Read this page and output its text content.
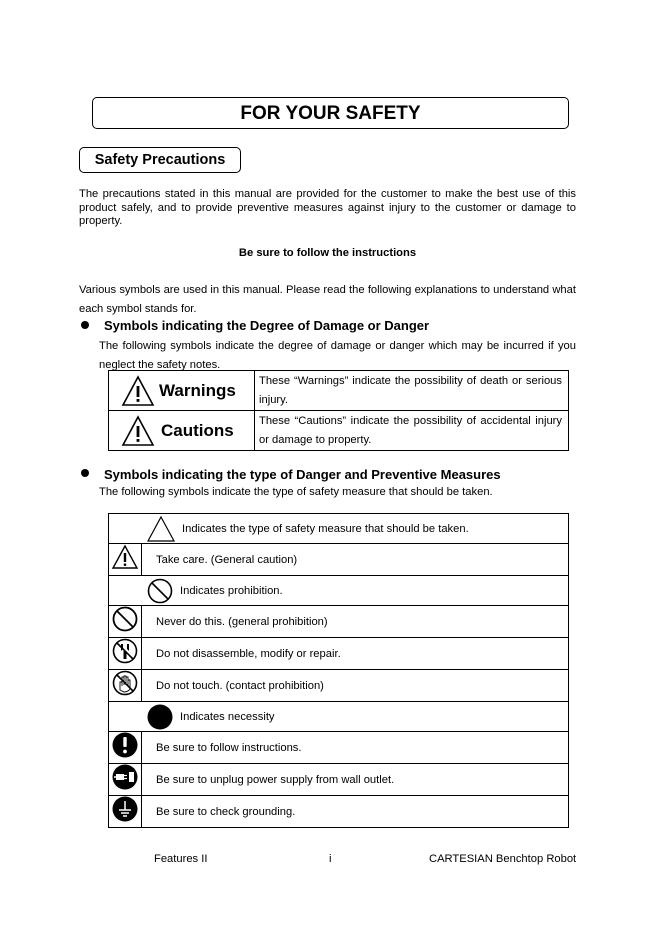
FOR YOUR SAFETY
Safety Precautions
The precautions stated in this manual are provided for the customer to make the best use of this product safely, and to provide preventive measures against injury to the customer or damage to property.
Be sure to follow the instructions
Various symbols are used in this manual. Please read the following explanations to understand what each symbol stands for.
Symbols indicating the Degree of Damage or Danger
The following symbols indicate the degree of damage or danger which may be incurred if you neglect the safety notes.
Warnings	These “Warnings” indicate the possibility of death or serious injury.

Cautions	These “Cautions” indicate the possibility of accidental injury or damage to property.
Symbols indicating the type of Danger and Preventive Measures
The following symbols indicate the type of safety measure that should be taken.
Indicates the type of safety measure that should be taken.	

	Take care. (General caution)

Indicates prohibition.	

	Never do this. (general prohibition)
	Do not disassemble, modify or repair.
	Do not touch. (contact prohibition)

Indicates necessity	

	Be sure to follow instructions.
	Be sure to unplug power supply from wall outlet.
	Be sure to check grounding.
Features II	i	CARTESIAN Benchtop Robot
